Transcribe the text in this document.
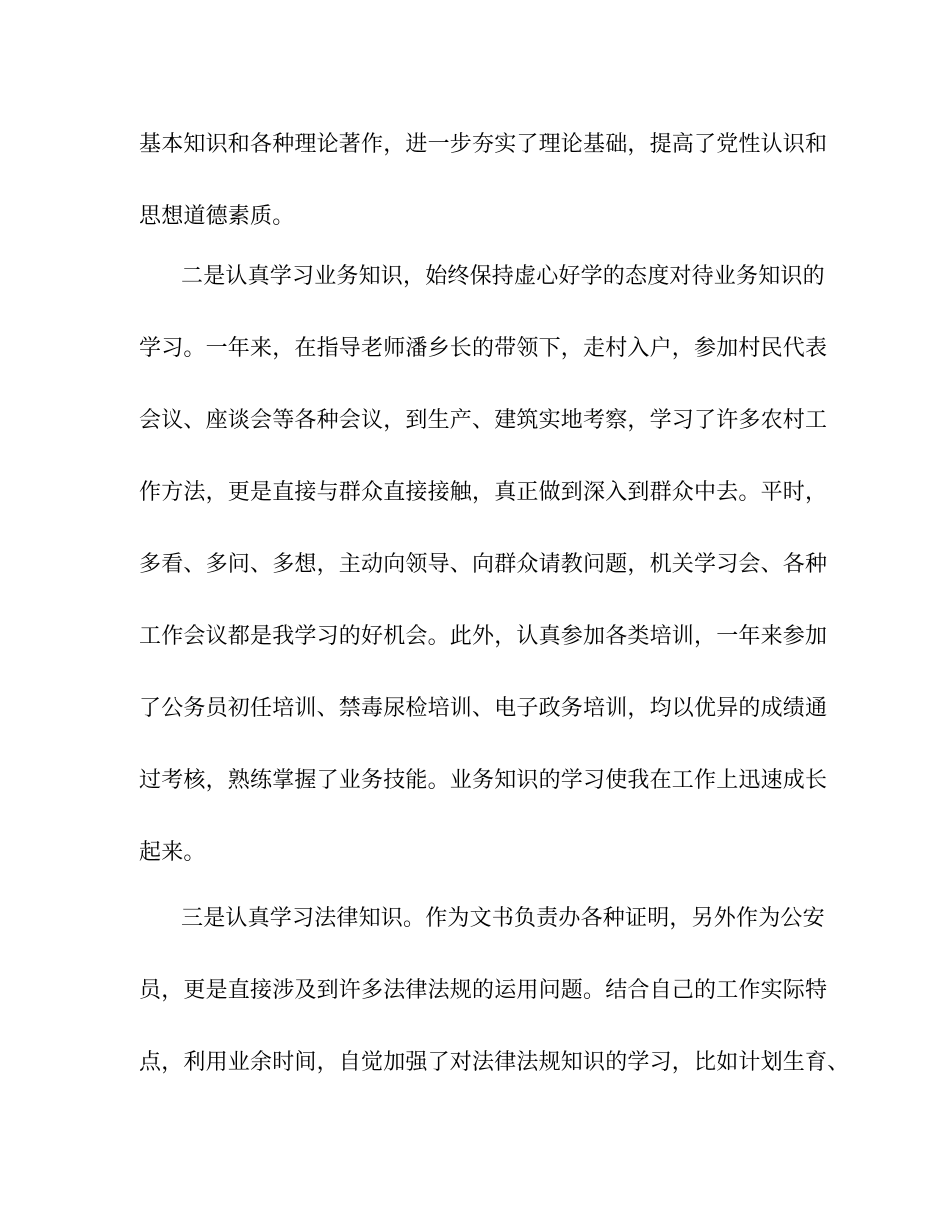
基本知识和各种理论著作，进一步夯实了理论基础，提高了党性认识和

思想道德素质。

二是认真学习业务知识，始终保持虚心好学的态度对待业务知识的

学习。一年来，在指导老师潘乡长的带领下，走村入户，参加村民代表

会议、座谈会等各种会议，到生产、建筑实地考察，学习了许多农村工

作方法，更是直接与群众直接接触，真正做到深入到群众中去。平时，

多看、多问、多想，主动向领导、向群众请教问题，机关学习会、各种

工作会议都是我学习的好机会。此外，认真参加各类培训，一年来参加

了公务员初任培训、禁毒尿检培训、电子政务培训，均以优异的成绩通

过考核，熟练掌握了业务技能。业务知识的学习使我在工作上迅速成长

起来。

三是认真学习法律知识。作为文书负责办各种证明，另外作为公安

员，更是直接涉及到许多法律法规的运用问题。结合自己的工作实际特

点，利用业余时间，自觉加强了对法律法规知识的学习，比如计划生育、
